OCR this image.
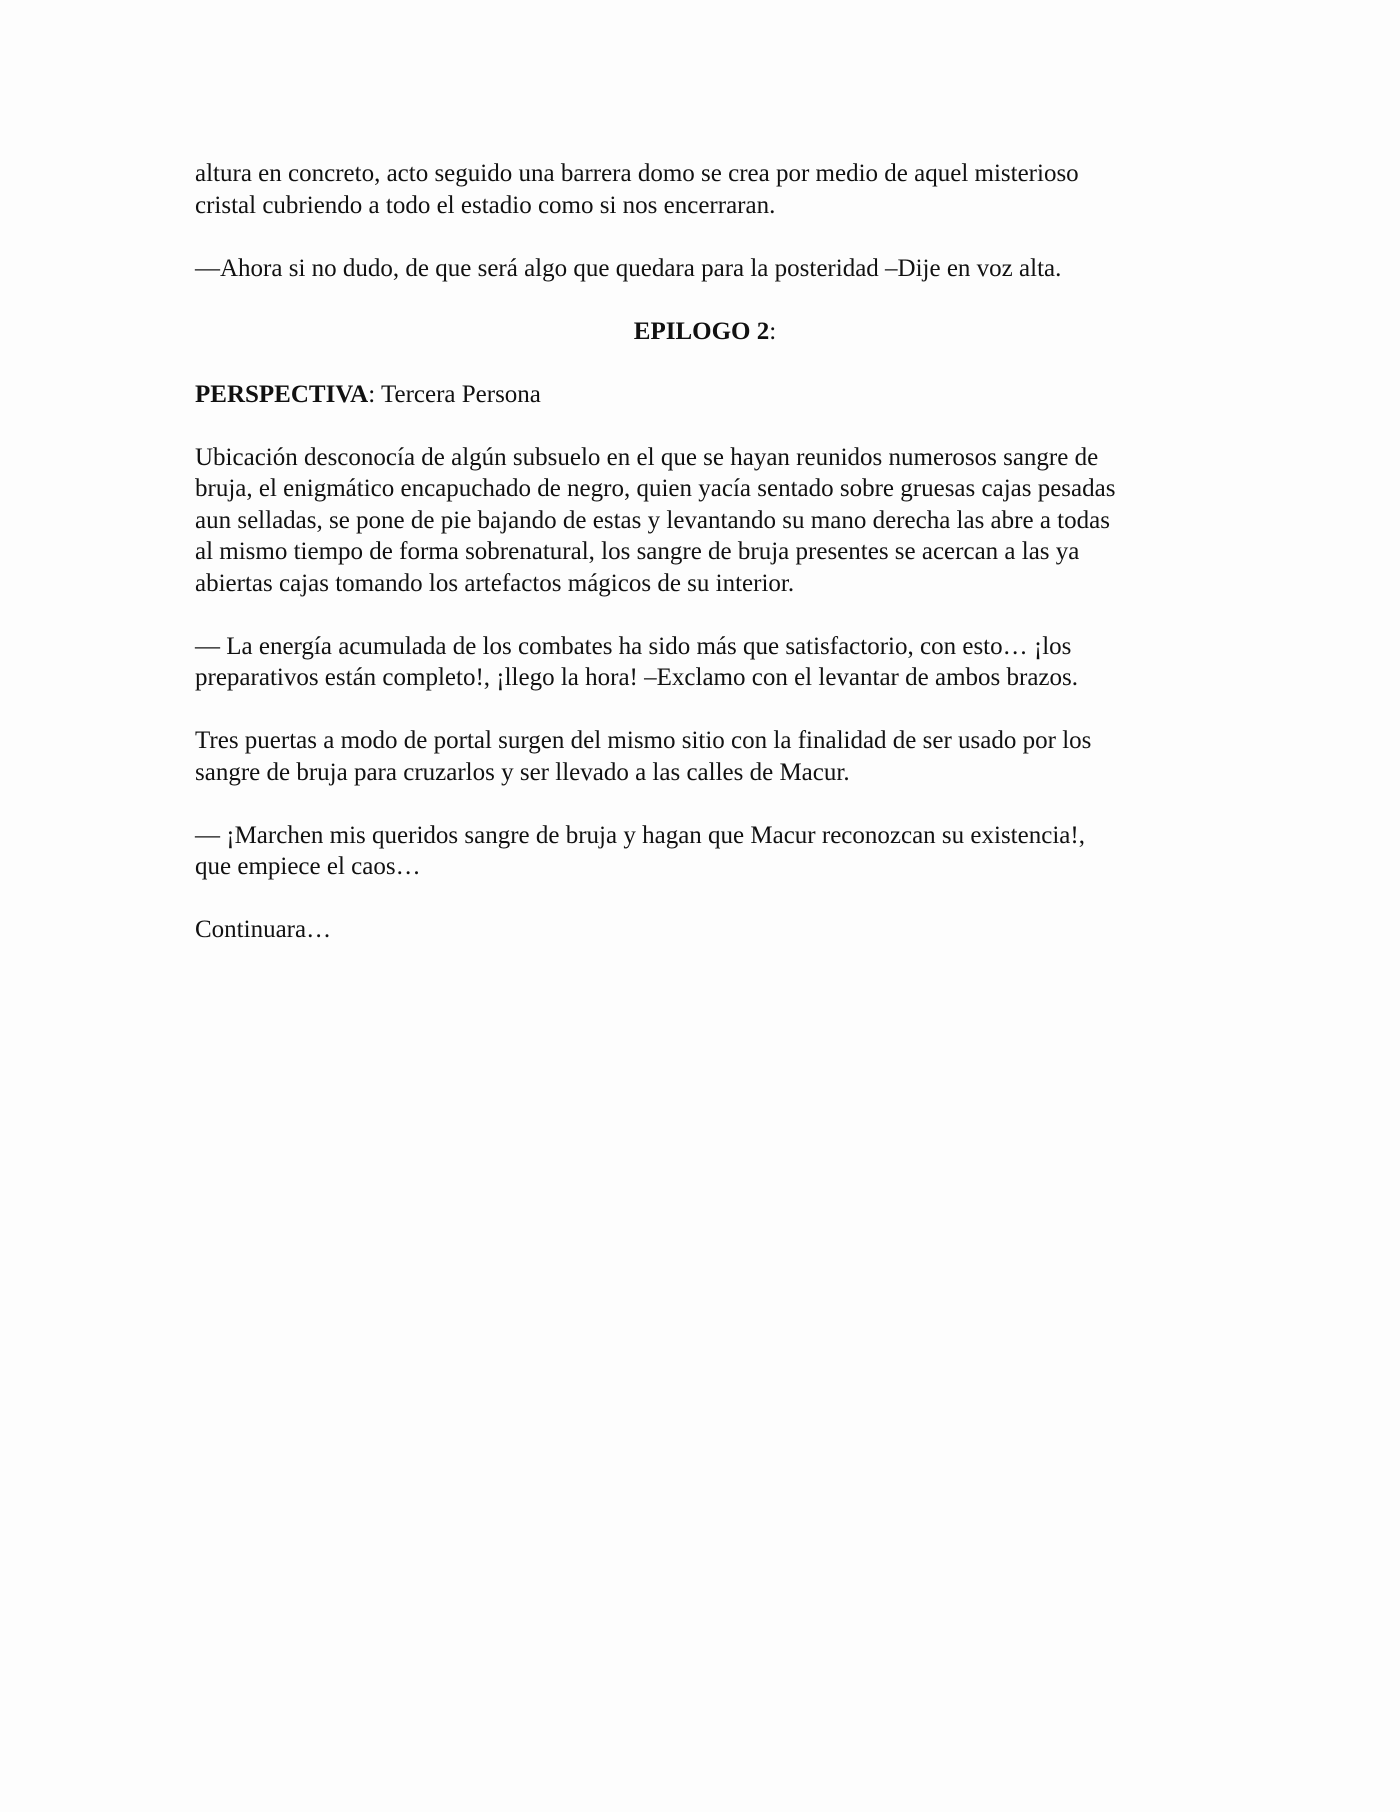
altura en concreto, acto seguido una barrera domo se crea por medio de aquel misterioso
cristal cubriendo a todo el estadio como si nos encerraran.

—Ahora si no dudo, de que será algo que quedara para la posteridad –Dije en voz alta.

EPILOGO 2:

PERSPECTIVA: Tercera Persona

Ubicación desconocía de algún subsuelo en el que se hayan reunidos numerosos sangre de
bruja, el enigmático encapuchado de negro, quien yacía sentado sobre gruesas cajas pesadas
aun selladas, se pone de pie bajando de estas y levantando su mano derecha las abre a todas
al mismo tiempo de forma sobrenatural, los sangre de bruja presentes se acercan a las ya
abiertas cajas tomando los artefactos mágicos de su interior.

— La energía acumulada de los combates ha sido más que satisfactorio, con esto… ¡los
preparativos están completo!, ¡llego la hora! –Exclamo con el levantar de ambos brazos.

Tres puertas a modo de portal surgen del mismo sitio con la finalidad de ser usado por los
sangre de bruja para cruzarlos y ser llevado a las calles de Macur.

— ¡Marchen mis queridos sangre de bruja y hagan que Macur reconozcan su existencia!,
que empiece el caos…

Continuara…
